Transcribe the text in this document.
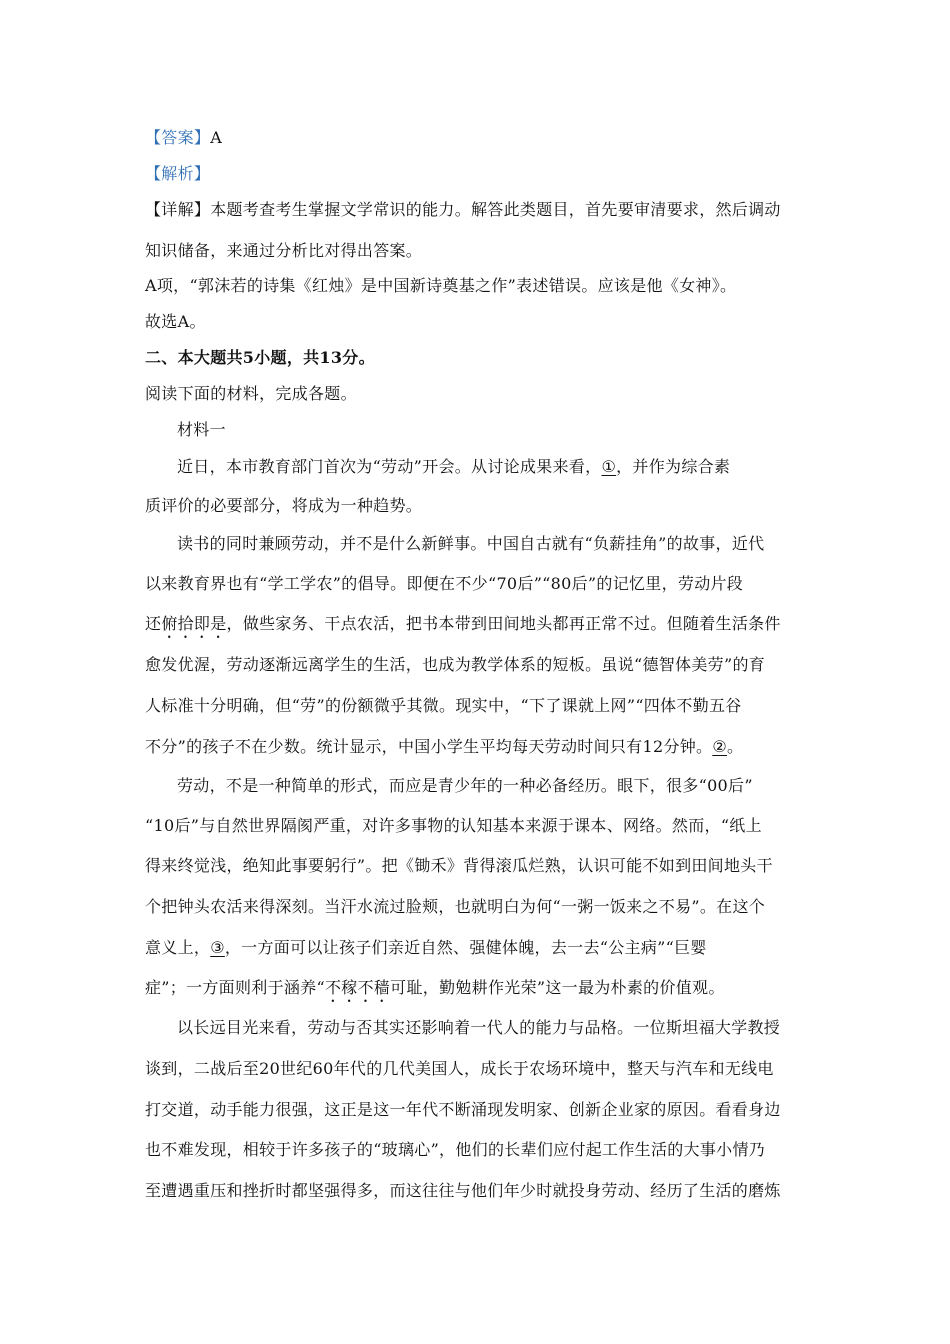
【答案】A
【解析】
【详解】本题考查考生掌握文学常识的能力。解答此类题目，首先要审清要求，然后调动
知识储备，来通过分析比对得出答案。
A项，“郭沫若的诗集《红烛》是中国新诗奠基之作”表述错误。应该是他《女神》。
故选A。
二、本大题共5小题，共13分。
阅读下面的材料，完成各题。
材料一
近日，本市教育部门首次为“劳动”开会。从讨论成果来看，①，并作为综合素
质评价的必要部分，将成为一种趋势。
读书的同时兼顾劳动，并不是什么新鲜事。中国自古就有“负薪挂角”的故事，近代
以来教育界也有“学工学农”的倡导。即便在不少“70后”“80后”的记忆里，劳动片段
还俯拾即是，做些家务、干点农活，把书本带到田间地头都再正常不过。但随着生活条件
愈发优渥，劳动逐渐远离学生的生活，也成为教学体系的短板。虽说“德智体美劳”的育
人标准十分明确，但“劳”的份额微乎其微。现实中，“下了课就上网”“四体不勤五谷
不分”的孩子不在少数。统计显示，中国小学生平均每天劳动时间只有12分钟。②。
劳动，不是一种简单的形式，而应是青少年的一种必备经历。眼下，很多“00后”
“10后”与自然世界隔阂严重，对许多事物的认知基本来源于课本、网络。然而，“纸上
得来终觉浅，绝知此事要躬行”。把《锄禾》背得滚瓜烂熟，认识可能不如到田间地头干
个把钟头农活来得深刻。当汗水流过脸颊，也就明白为何“一粥一饭来之不易”。在这个
意义上，③，一方面可以让孩子们亲近自然、强健体魄，去一去“公主病”“巨婴
症”；一方面则利于涵养“不稼不穑可耻，勤勉耕作光荣”这一最为朴素的价值观。
以长远目光来看，劳动与否其实还影响着一代人的能力与品格。一位斯坦福大学教授
谈到，二战后至20世纪60年代的几代美国人，成长于农场环境中，整天与汽车和无线电
打交道，动手能力很强，这正是这一年代不断涌现发明家、创新企业家的原因。看看身边
也不难发现，相较于许多孩子的“玻璃心”，他们的长辈们应付起工作生活的大事小情乃
至遭遇重压和挫折时都坚强得多，而这往往与他们年少时就投身劳动、经历了生活的磨炼
